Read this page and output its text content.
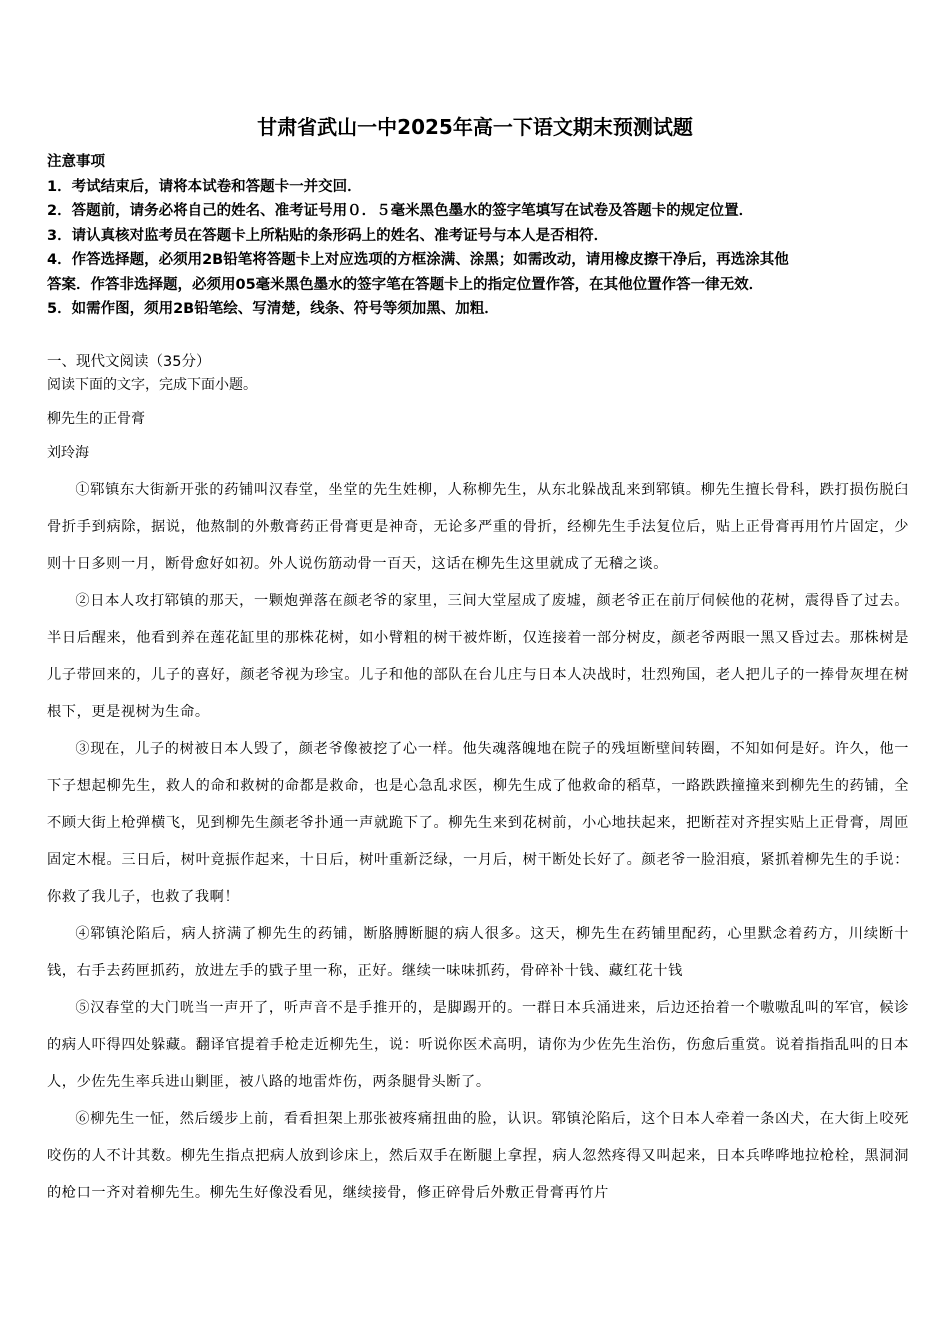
甘肃省武山一中2025年高一下语文期末预测试题
注意事项
1．考试结束后，请将本试卷和答题卡一并交回．
2．答题前，请务必将自己的姓名、准考证号用０．５毫米黑色墨水的签字笔填写在试卷及答题卡的规定位置．
3．请认真核对监考员在答题卡上所粘贴的条形码上的姓名、准考证号与本人是否相符．
4．作答选择题，必须用2B铅笔将答题卡上对应选项的方框涂满、涂黑；如需改动，请用橡皮擦干净后，再选涂其他
答案．作答非选择题，必须用05毫米黑色墨水的签字笔在答题卡上的指定位置作答，在其他位置作答一律无效．
5．如需作图，须用2B铅笔绘、写清楚，线条、符号等须加黑、加粗．
一、现代文阅读（35分）
阅读下面的文字，完成下面小题。
柳先生的正骨膏
刘玲海

①郓镇东大街新开张的药铺叫汉春堂，坐堂的先生姓柳，人称柳先生，从东北躲战乱来到郓镇。柳先生擅长骨科，跌打损伤脱臼骨折手到病除，据说，他熬制的外敷膏药正骨膏更是神奇，无论多严重的骨折，经柳先生手法复位后，贴上正骨膏再用竹片固定，少则十日多则一月，断骨愈好如初。外人说伤筋动骨一百天，这话在柳先生这里就成了无稽之谈。

②日本人攻打郓镇的那天，一颗炮弹落在颜老爷的家里，三间大堂屋成了废墟，颜老爷正在前厅伺候他的花树，震得昏了过去。半日后醒来，他看到养在莲花缸里的那株花树，如小臂粗的树干被炸断，仅连接着一部分树皮，颜老爷两眼一黑又昏过去。那株树是儿子带回来的，儿子的喜好，颜老爷视为珍宝。儿子和他的部队在台儿庄与日本人决战时，壮烈殉国，老人把儿子的一捧骨灰埋在树根下，更是视树为生命。

③现在，儿子的树被日本人毁了，颜老爷像被挖了心一样。他失魂落魄地在院子的残垣断壁间转圈，不知如何是好。许久，他一下子想起柳先生，救人的命和救树的命都是救命，也是心急乱求医，柳先生成了他救命的稻草，一路跌跌撞撞来到柳先生的药铺，全不顾大街上枪弹横飞，见到柳先生颜老爷扑通一声就跪下了。柳先生来到花树前，小心地扶起来，把断茬对齐捏实贴上正骨膏，周匝固定木棍。三日后，树叶竟振作起来，十日后，树叶重新泛绿，一月后，树干断处长好了。颜老爷一脸泪痕，紧抓着柳先生的手说：你救了我儿子，也救了我啊！

④郓镇沦陷后，病人挤满了柳先生的药铺，断胳膊断腿的病人很多。这天，柳先生在药铺里配药，心里默念着药方，川续断十钱，右手去药匣抓药，放进左手的戥子里一称，正好。继续一味味抓药，骨碎补十钱、藏红花十钱

⑤汉春堂的大门咣当一声开了，听声音不是手推开的，是脚踢开的。一群日本兵涌进来，后边还抬着一个嗷嗷乱叫的军官，候诊的病人吓得四处躲藏。翻译官提着手枪走近柳先生，说：听说你医术高明，请你为少佐先生治伤，伤愈后重赏。说着指指乱叫的日本人，少佐先生率兵进山剿匪，被八路的地雷炸伤，两条腿骨头断了。

⑥柳先生一怔，然后缓步上前，看看担架上那张被疼痛扭曲的脸，认识。郓镇沦陷后，这个日本人牵着一条凶犬，在大街上咬死咬伤的人不计其数。柳先生指点把病人放到诊床上，然后双手在断腿上拿捏，病人忽然疼得又叫起来，日本兵哗哗地拉枪栓，黑洞洞的枪口一齐对着柳先生。柳先生好像没看见，继续接骨，修正碎骨后外敷正骨膏再竹片
